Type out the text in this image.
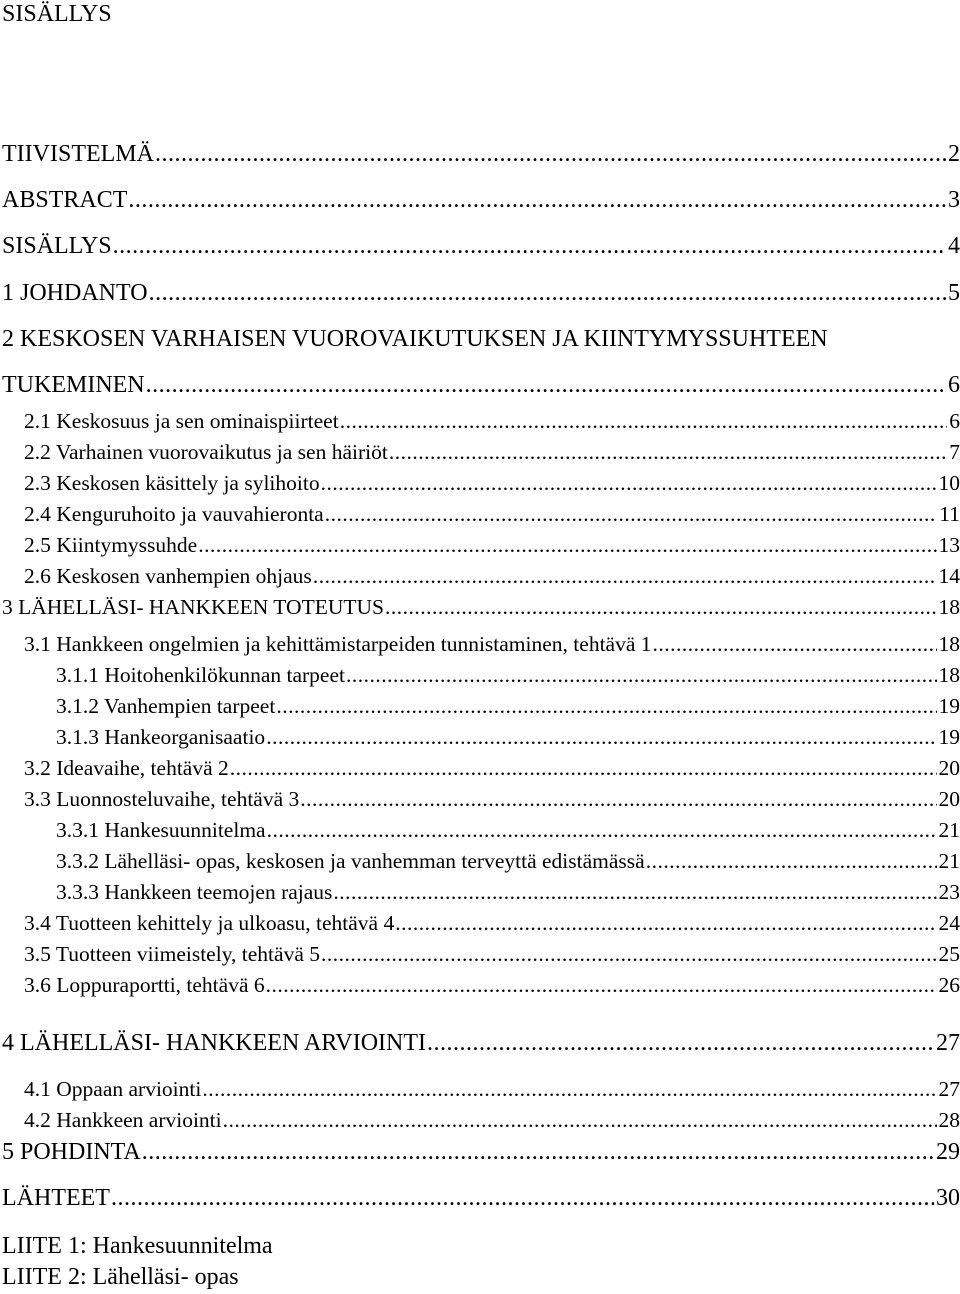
SISÄLLYS
TIIVISTELMÄ .....	2
ABSTRACT .....	3
SISÄLLYS .....	4
1 JOHDANTO .....	5
2 KESKOSEN VARHAISEN VUOROVAIKUTUKSEN JA KIINTYMYSSUHTEEN
TUKEMINEN .....	6
2.1 Keskosuus ja sen ominaispiirteet .....	6
2.2 Varhainen vuorovaikutus ja sen häiriöt .....	7
2.3 Keskosen käsittely ja sylihoito .....	10
2.4 Kenguruhoito ja vauvahieronta .....	11
2.5 Kiintymyssuhde .....	13
2.6 Keskosen vanhempien ohjaus .....	14
3 LÄHELLÄSI- HANKKEEN TOTEUTUS .....	18
3.1 Hankkeen ongelmien ja kehittämistarpeiden tunnistaminen, tehtävä 1 .....	18
3.1.1 Hoitohenkilökunnan tarpeet .....	18
3.1.2 Vanhempien tarpeet .....	19
3.1.3 Hankeorganisaatio .....	19
3.2 Ideavaihe, tehtävä 2 .....	20
3.3 Luonnosteluvaihe, tehtävä 3 .....	20
3.3.1 Hankesuunnitelma .....	21
3.3.2 Lähelläsi- opas, keskosen ja vanhemman terveyttä edistämässä .....	21
3.3.3 Hankkeen teemojen rajaus .....	23
3.4 Tuotteen kehittely ja ulkoasu, tehtävä 4 .....	24
3.5 Tuotteen viimeistely, tehtävä 5 .....	25
3.6 Loppuraportti, tehtävä 6 .....	26
4 LÄHELLÄSI- HANKKEEN ARVIOINTI .....	27
4.1 Oppaan arviointi .....	27
4.2 Hankkeen arviointi .....	28
5 POHDINTA .....	29
LÄHTEET .....	30
LIITE 1: Hankesuunnitelma
LIITE 2: Lähelläsi- opas
